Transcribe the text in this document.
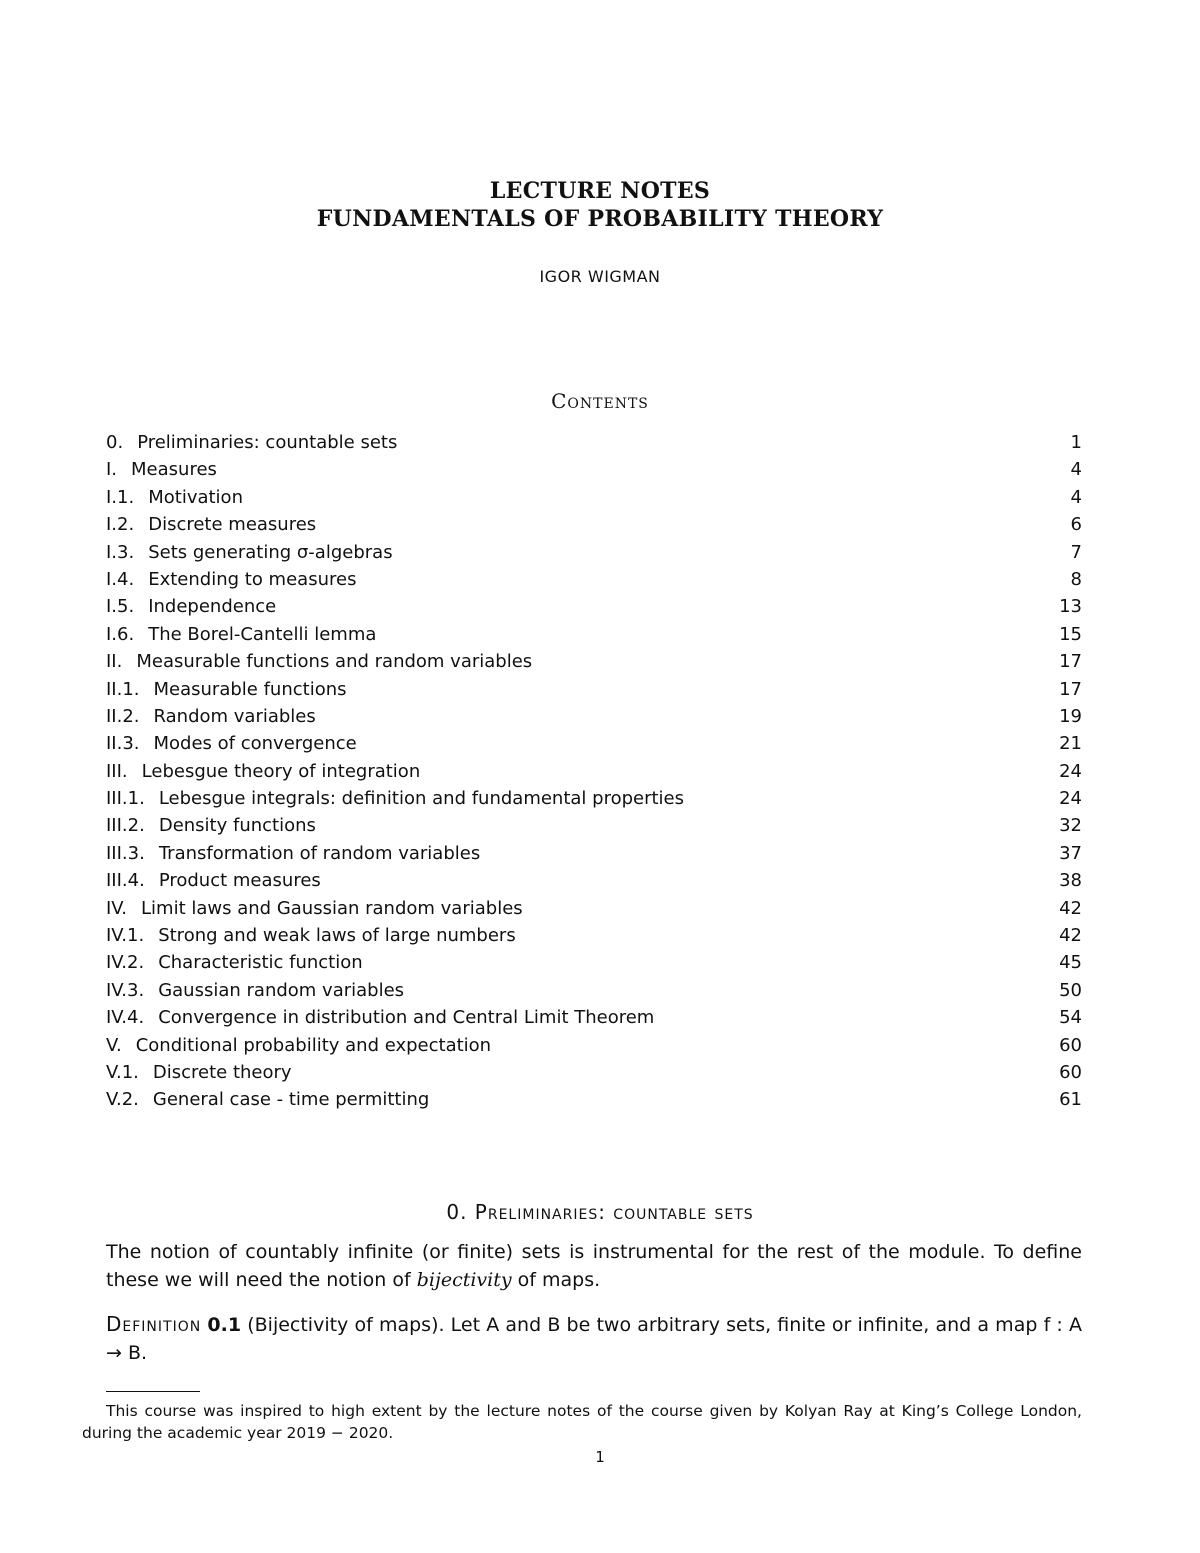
LECTURE NOTES
FUNDAMENTALS OF PROBABILITY THEORY
IGOR WIGMAN
Contents
0. Preliminaries: countable sets	1
I. Measures	4
I.1. Motivation	4
I.2. Discrete measures	6
I.3. Sets generating σ-algebras	7
I.4. Extending to measures	8
I.5. Independence	13
I.6. The Borel-Cantelli lemma	15
II. Measurable functions and random variables	17
II.1. Measurable functions	17
II.2. Random variables	19
II.3. Modes of convergence	21
III. Lebesgue theory of integration	24
III.1. Lebesgue integrals: definition and fundamental properties	24
III.2. Density functions	32
III.3. Transformation of random variables	37
III.4. Product measures	38
IV. Limit laws and Gaussian random variables	42
IV.1. Strong and weak laws of large numbers	42
IV.2. Characteristic function	45
IV.3. Gaussian random variables	50
IV.4. Convergence in distribution and Central Limit Theorem	54
V. Conditional probability and expectation	60
V.1. Discrete theory	60
V.2. General case - time permitting	61
0. Preliminaries: countable sets

The notion of countably infinite (or finite) sets is instrumental for the rest of the module. To define these we will need the notion of bijectivity of maps.

Definition 0.1 (Bijectivity of maps). Let A and B be two arbitrary sets, finite or infinite, and a map f : A → B.

This course was inspired to high extent by the lecture notes of the course given by Kolyan Ray at King’s College London, during the academic year 2019 − 2020.
1
